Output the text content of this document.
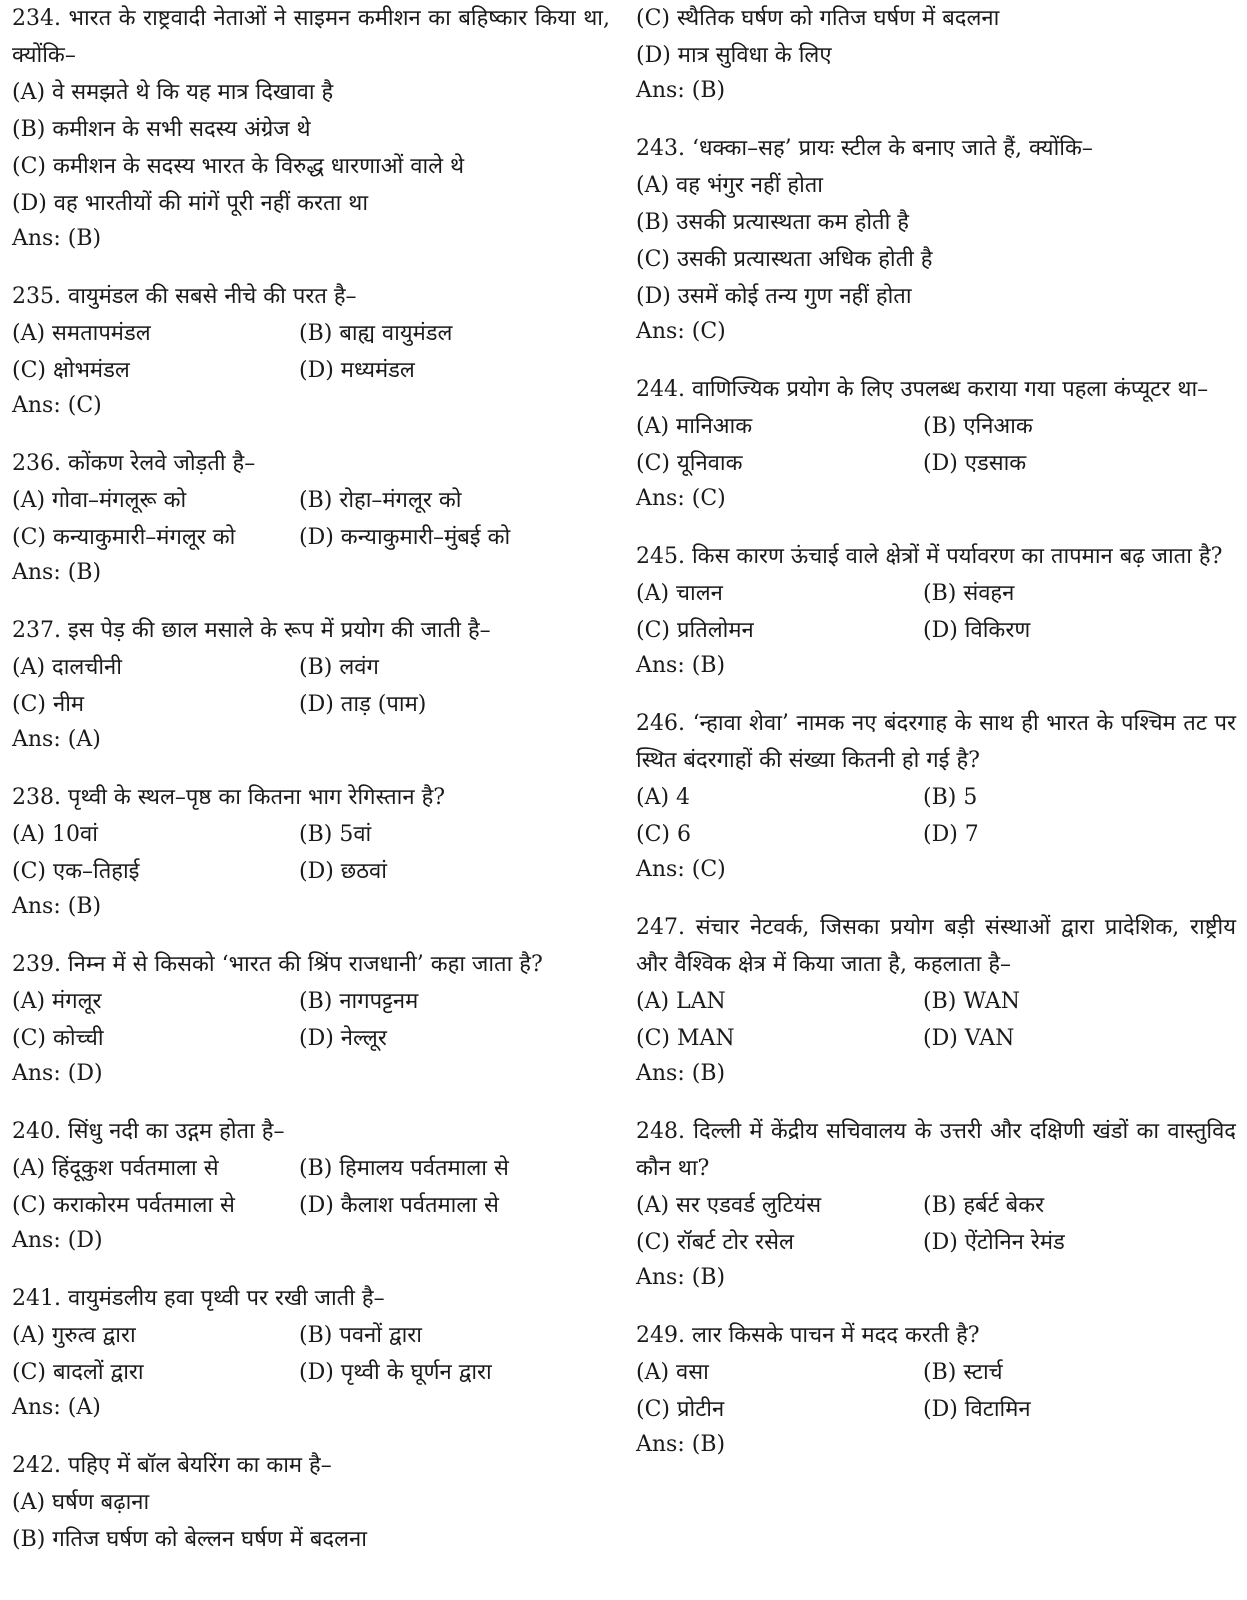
234. भारत के राष्ट्रवादी नेताओं ने साइमन कमीशन का बहिष्कार किया था, क्योंकि–

(A) वे समझते थे कि यह मात्र दिखावा है
(B) कमीशन के सभी सदस्य अंग्रेज थे
(C) कमीशन के सदस्य भारत के विरुद्ध धारणाओं वाले थे
(D) वह भारतीयों की मांगें पूरी नहीं करता था

Ans: (B)

235. वायुमंडल की सबसे नीचे की परत है–

(A) समतापमंडल	(B) बाह्य वायुमंडल
(C) क्षोभमंडल	(D) मध्यमंडल

Ans: (C)

236. कोंकण रेलवे जोड़ती है–

(A) गोवा–मंगलूरू को	(B) रोहा–मंगलूर को
(C) कन्याकुमारी–मंगलूर को	(D) कन्याकुमारी–मुंबई को

Ans: (B)

237. इस पेड़ की छाल मसाले के रूप में प्रयोग की जाती है–

(A) दालचीनी	(B) लवंग
(C) नीम	(D) ताड़ (पाम)

Ans: (A)

238. पृथ्वी के स्थल–पृष्ठ का कितना भाग रेगिस्तान है?

(A) 10वां	(B) 5वां
(C) एक–तिहाई	(D) छठवां

Ans: (B)

239. निम्न में से किसको ‘भारत की श्रिंप राजधानी’ कहा जाता है?

(A) मंगलूर	(B) नागपट्टनम
(C) कोच्ची	(D) नेल्लूर

Ans: (D)

240. सिंधु नदी का उद्गम होता है–

(A) हिंदूकुश पर्वतमाला से	(B) हिमालय पर्वतमाला से
(C) कराकोरम पर्वतमाला से	(D) कैलाश पर्वतमाला से

Ans: (D)

241. वायुमंडलीय हवा पृथ्वी पर रखी जाती है–

(A) गुरुत्व द्वारा	(B) पवनों द्वारा
(C) बादलों द्वारा	(D) पृथ्वी के घूर्णन द्वारा

Ans: (A)

242. पहिए में बॉल बेयरिंग का काम है–

(A) घर्षण बढ़ाना
(B) गतिज घर्षण को बेल्लन घर्षण में बदलना
(C) स्थैतिक घर्षण को गतिज घर्षण में बदलना
(D) मात्र सुविधा के लिए

Ans: (B)

243. ‘धक्का–सह’ प्रायः स्टील के बनाए जाते हैं, क्योंकि–

(A) वह भंगुर नहीं होता
(B) उसकी प्रत्यास्थता कम होती है
(C) उसकी प्रत्यास्थता अधिक होती है
(D) उसमें कोई तन्य गुण नहीं होता

Ans: (C)

244. वाणिज्यिक प्रयोग के लिए उपलब्ध कराया गया पहला कंप्यूटर था–

(A) मानिआक	(B) एनिआक
(C) यूनिवाक	(D) एडसाक

Ans: (C)

245. किस कारण ऊंचाई वाले क्षेत्रों में पर्यावरण का तापमान बढ़ जाता है?

(A) चालन	(B) संवहन
(C) प्रतिलोमन	(D) विकिरण

Ans: (B)

246. ‘न्हावा शेवा’ नामक नए बंदरगाह के साथ ही भारत के पश्चिम तट पर स्थित बंदरगाहों की संख्या कितनी हो गई है?

(A) 4	(B) 5
(C) 6	(D) 7

Ans: (C)

247. संचार नेटवर्क, जिसका प्रयोग बड़ी संस्थाओं द्वारा प्रादेशिक, राष्ट्रीय और वैश्विक क्षेत्र में किया जाता है, कहलाता है–

(A) LAN	(B) WAN
(C) MAN	(D) VAN

Ans: (B)

248. दिल्ली में केंद्रीय सचिवालय के उत्तरी और दक्षिणी खंडों का वास्तुविद कौन था?

(A) सर एडवर्ड लुटियंस	(B) हर्बर्ट बेकर
(C) रॉबर्ट टोर रसेल	(D) ऐंटोनिन रेमंड

Ans: (B)

249. लार किसके पाचन में मदद करती है?

(A) वसा	(B) स्टार्च
(C) प्रोटीन	(D) विटामिन

Ans: (B)
